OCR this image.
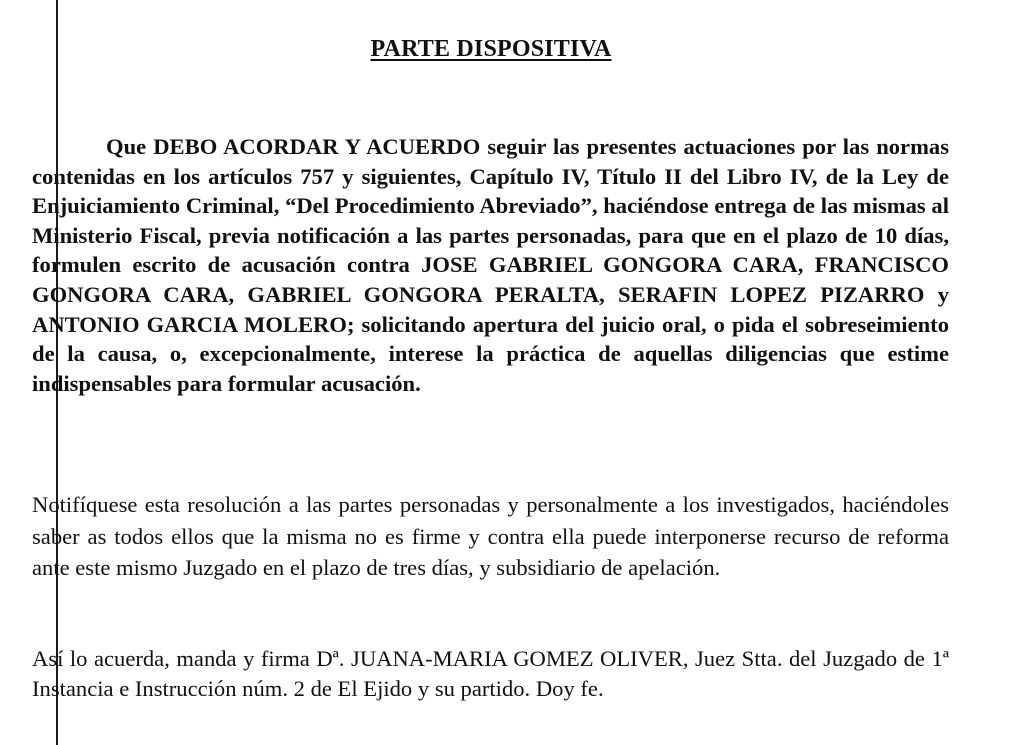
PARTE DISPOSITIVA

Que DEBO ACORDAR Y ACUERDO seguir las presentes actuaciones por las normas contenidas en los artículos 757 y siguientes, Capítulo IV, Título II del Libro IV, de la Ley de Enjuiciamiento Criminal, “Del Procedimiento Abreviado”, haciéndose entrega de las mismas al Ministerio Fiscal, previa notificación a las partes personadas, para que en el plazo de 10 días, formulen escrito de acusación contra JOSE GABRIEL GONGORA CARA, FRANCISCO GONGORA CARA, GABRIEL GONGORA PERALTA, SERAFIN LOPEZ PIZARRO y ANTONIO GARCIA MOLERO; solicitando apertura del juicio oral, o pida el sobreseimiento de la causa, o, excepcionalmente, interese la práctica de aquellas diligencias que estime indispensables para formular acusación.

Notifíquese esta resolución a las partes personadas y personalmente a los investigados, haciéndoles saber as todos ellos que la misma no es firme y contra ella puede interponerse recurso de reforma ante este mismo Juzgado en el plazo de tres días, y subsidiario de apelación.

Así lo acuerda, manda y firma Dª. JUANA-MARIA GOMEZ OLIVER, Juez Stta. del Juzgado de 1ª Instancia e Instrucción núm. 2 de El Ejido y su partido. Doy fe.
